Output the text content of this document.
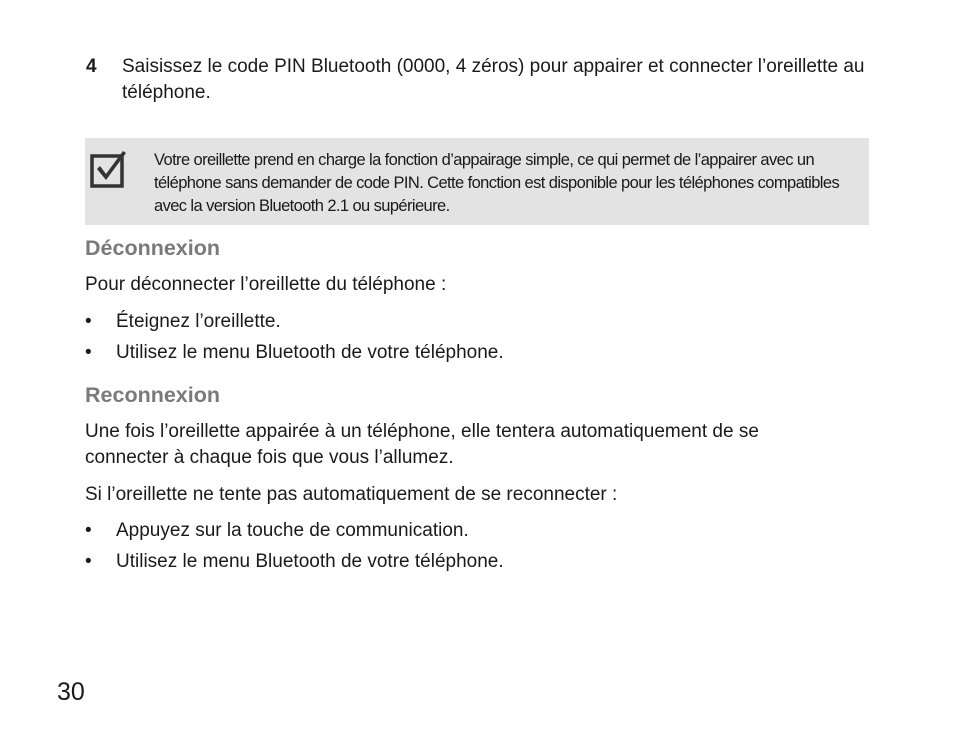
4 Saisissez le code PIN Bluetooth (0000, 4 zéros) pour appairer et connecter l’oreillette au téléphone.
Votre oreillette prend en charge la fonction d’appairage simple, ce qui permet de l’appairer avec un téléphone sans demander de code PIN. Cette fonction est disponible pour les téléphones compatibles avec la version Bluetooth 2.1 ou supérieure.
Déconnexion
Pour déconnecter l’oreillette du téléphone :
• Éteignez l’oreillette.
• Utilisez le menu Bluetooth de votre téléphone.
Reconnexion
Une fois l’oreillette appairée à un téléphone, elle tentera automatiquement de se connecter à chaque fois que vous l’allumez.
Si l’oreillette ne tente pas automatiquement de se reconnecter :
• Appuyez sur la touche de communication.
• Utilisez le menu Bluetooth de votre téléphone.
30
